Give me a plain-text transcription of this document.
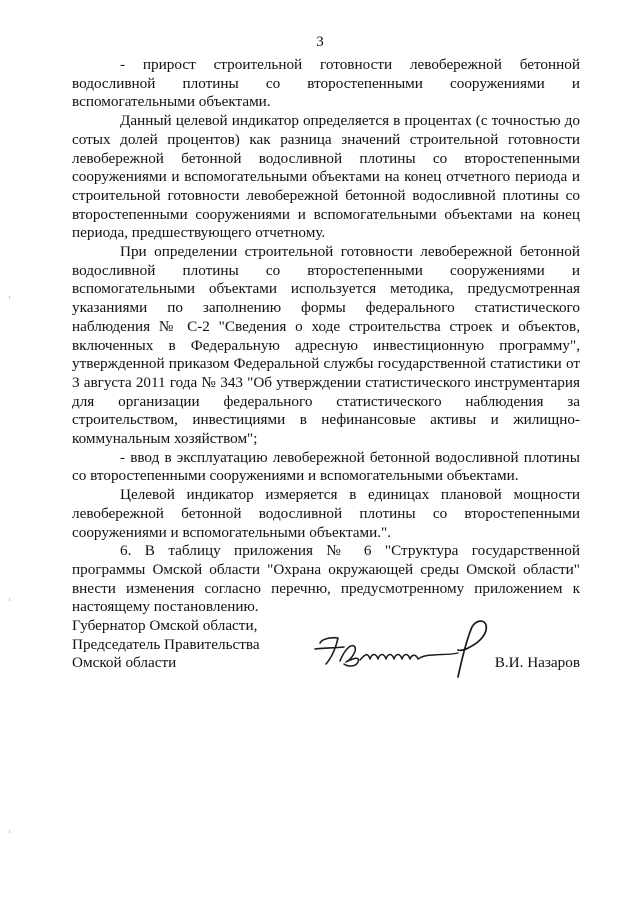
3

- прирост строительной готовности левобережной бетонной водосливной плотины со второстепенными сооружениями и вспомогательными объектами.

Данный целевой индикатор определяется в процентах (с точностью до сотых долей процентов) как разница значений строительной готовности левобережной бетонной водосливной плотины со второстепенными сооружениями и вспомогательными объектами на конец отчетного периода и строительной готовности левобережной бетонной водосливной плотины со второстепенными сооружениями и вспомогательными объектами на конец периода, предшествующего отчетному.

При определении строительной готовности левобережной бетонной водосливной плотины со второстепенными сооружениями и вспомогательными объектами используется методика, предусмотренная указаниями по заполнению формы федерального статистического наблюдения № С-2 "Сведения о ходе строительства строек и объектов, включенных в Федеральную адресную инвестиционную программу", утвержденной приказом Федеральной службы государственной статистики от 3 августа 2011 года № 343 "Об утверждении статистического инструментария для организации федерального статистического наблюдения за строительством, инвестициями в нефинансовые активы и жилищно-коммунальным хозяйством";

- ввод в эксплуатацию левобережной бетонной водосливной плотины со второстепенными сооружениями и вспомогательными объектами.

Целевой индикатор измеряется в единицах плановой мощности левобережной бетонной водосливной плотины со второстепенными сооружениями и вспомогательными объектами.".

6. В таблицу приложения № 6 "Структура государственной программы Омской области "Охрана окружающей среды Омской области" внести изменения согласно перечню, предусмотренному приложением к настоящему постановлению.

Губернатор Омской области,
Председатель Правительства
Омской области	В.И. Назаров
